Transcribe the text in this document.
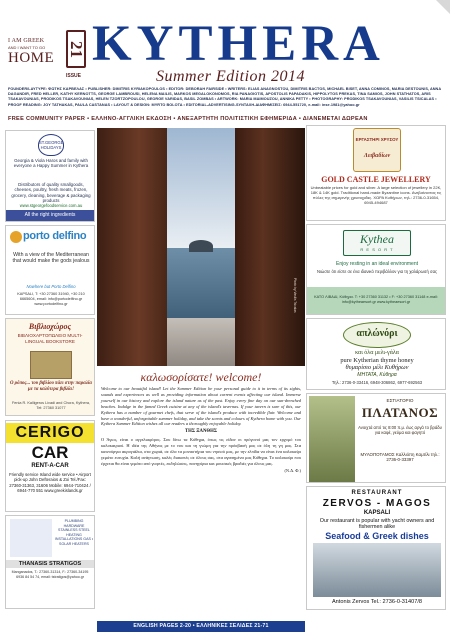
I AM GREEK
AND I WANT TO GO
HOME
21
ISSUE
KYTHERA
Summer Edition 2014
FOUNDER/LAYTYPE: ΦΩΤΗΣ ΚΑΡΒΕΛΑΣ • PUBLISHER: DIMITRIS KYRIAKOPOULOS • EDITOR: DEBORAH FAIRSIDE • WRITERS: ELIAS ANAGNOSTOU, DIMITRIS BACTOS, MICHAEL BISET, ANNA COMINOS, MARIA DESTOUNIS, ANNA DAGANDIR, FRED HELLER, KATHY KERNOTTS, GEORGE LAMBROUSI, HELENA MAILIS, MARKOS MEGALOKONOMOS, RIA PANAGIOTIS, APOSTOLIS PAPADAKIS, HIPPOLYTOS PREKAS, TINA SAMIOS, JOHN STATHATOS, ARIS TSAKAVOUNIAS, PRODIKOS TSAKAVOUNIAS, HELEN TZORTZOPOULOU, GEORGE VARIDAS, BASIL ZOMBAS • ARTWORK: MARIA MAIMOUZOU, ANNIKA PETTY • PHOTOGRAPHY: PRODIKOS TSAKAVOUNIAS, VASILIS TSICALAS • PROOF READING: JOY TATHAKAS, PAULA CASTANAS • LAYOUT & DESIGN: MYRTO BOLOTA • EDITORIAL-ADVERTISING-SYNTAXH-ΔΙΑΦΗΜΙΣΕΙΣ: 6944-551720, e-mail: inse.1981@yahoo.gr
FREE COMMUNITY PAPER • ΕΛΛΗΝΟ-ΑΓΓΛΙΚΗ ΕΚΔΟΣΗ • ΑΝΕΞΑΡΤΗΤΗ ΠΟΛΙΤΙΣΤΙΚΗ ΕΦΗΜΕΡΙΔΑ • ΔΙΑΝΕΜΕΤΑΙ ΔΩΡΕΑΝ
ST.GEORGE HOLIDAYS
Georgia & Viola Haros and family with everyone a Happy Summer in Kythera
Distributors of quality smallgoods, cheeses, poultry, fresh meats, frozen, grocery, cleaning, beverage & packaging products
www.stgeorgefoodservice.com.au
All the right ingredients
porto delfino
With a view of the Mediterranean that would make the gods jealous
Nowhere but Porto Delfino
KAPSALI, T: +30 27360 31940, +30 210 6665604, email: info@portodelfino.gr www.portodelfino.gr
Βιβλιοχώρος
ΒΙΒΛΙΟΧΑΡΤΟΠΩΛΕΙΟ MULTI-LINGUAL BOOKSTORE
Ο ρόπος... του βιβλίου πάει στην παραλία με τα καλύτερα βιβλία!
Fenia R. Kalligeros Livadi and Chora, Kythera, Tel: 27360 31077
CERIGO
CAR
RENT-A-CAR
Friendly service Island wide service • Airport pick-up John Defteraios & Zoi Tel./Fax: 27360-31363, 31606 Mobile: 6944-710424 / 6944-770 551 www.greekislands.gr
PLUMBING HARDWARE STAINLESS STEEL HEATING INSTALLATIONS GAS • SOLAR HEATERS
THANASIS STRATIGOS
Manganados, T.: 27360-31314, F.: 27360-34195 6936 84 54 74, email: tstratigos@yahoo.gr
Photo by Vasilis Tsicalas
καλωσορίσατε! welcome!

Welcome to our beautiful island! Let the Summer Edition be your personal guide to it in terms of its sights, sounds and experiences as well as providing information about current events affecting our island. Immerse yourself in our history and explore the island nature as of the past. Enjoy every fine day on our sun-drenched beaches. Indulge in the famed Greek cuisine at any of the island’s tavernas. If your tavern is sure of this, our Kythera has a number of gourmet chefs, that serve of the island’s produce with incredible flair. Welcome and have a wonderful, unforgettable summer holiday, and take the scents and colours of Kythera home with you. Our Kythera Summer Edition wishes all our readers a thoroughly enjoyable holiday.

ΤΗΣ ΞΑΝΘΗΣ

Ο Άγιος, είναι ο αγγελιαφόρος. Σου δίνω τα Κύθηρα, όπως τις είδαν οι πρόγονοί μας τον ερχομό του καλοκαιριού. Η ιδέα της Αθήνας με το νου και τη γνώμη για την πρόσβασή μας σε όλη τη γη μας. Στα καινούργια ακρογιάλια, στα χωριά, σε όλα τα μοναστήρια του νησιού μας, με την ελπίδα να είναι ένα καλοκαίρι γεμάτο ευτυχία. Καλή ανάγνωση, καλές διακοπές σε όλους σας, στα αγαπημένα μας Κύθηρα. Το καλοκαίρι που έρχεται θα είναι γεμάτο από γιορτές, εκδηλώσεις, πανηγύρια και μουσικές βραδιές για όλους μας.

(Ν.Δ. Φ.)

ENGLISH PAGES 2-20 • ΕΛΛΗΝΙΚΕΣ ΣΕΛΙΔΕΣ 21-71
ΕΡΓΑΣΤΗΡΙ ΧΡΥΣΟΥ
Λειβαδίων
GOLD CASTLE JEWELLERY
Unbeatable prices for gold and silver. A large selection of jewellery in 22K, 18K & 14K gold. Traditional hand-made Byzantine icons. Ανεβαίνοντας τις πύλες της σημερινής χρυσοχοΐας. ΧΩΡΑ Κυθήρων, τηλ.: 2736-0-31654, 6945-494687
Kythea
R E S O R T
Enjoy resting in an ideal environment
Νιώστε ότι είστε σε ένα ιδανικό περιβάλλον για τη χαλάρωσή σας
KATO ΛΙΒΑΔΙ, Κύθηρα. Τ: +30 27360 31132 • F: +30 27360 31148 e-mail: info@kytheaesort.gr www.kytheaesort.gr
απλώνόρι
και όλα μελι-γάλα
pure Kytherian thyme honey
θυμαρίσιο μέλι Κυθήρων
ΜΗΤΑΤΑ, Κύθηρα
Τηλ.: 2736-0-33416, 6948-306862, 6977-692563
ΕΣΤΙΑΤΟΡΙΟ
ΠΛΑΤΑΝΟΣ
Ανοιχτά από τις 8:00 π.μ. έως αργά το βράδυ για καφέ, γεύμα και φαγητό
ΜΥΛΟΠΟΤΑΜΟΣ Καλλιόπη Καμτίλι τηλ.: 2736-0-33397
RESTAURANT
ZERVOS - MAGOS
KAPSALI
Our restaurant is popular with yacht owners and fishermen alike
Seafood & Greek dishes
Antonis Zervos Tel.: 2736-0-31407/8
